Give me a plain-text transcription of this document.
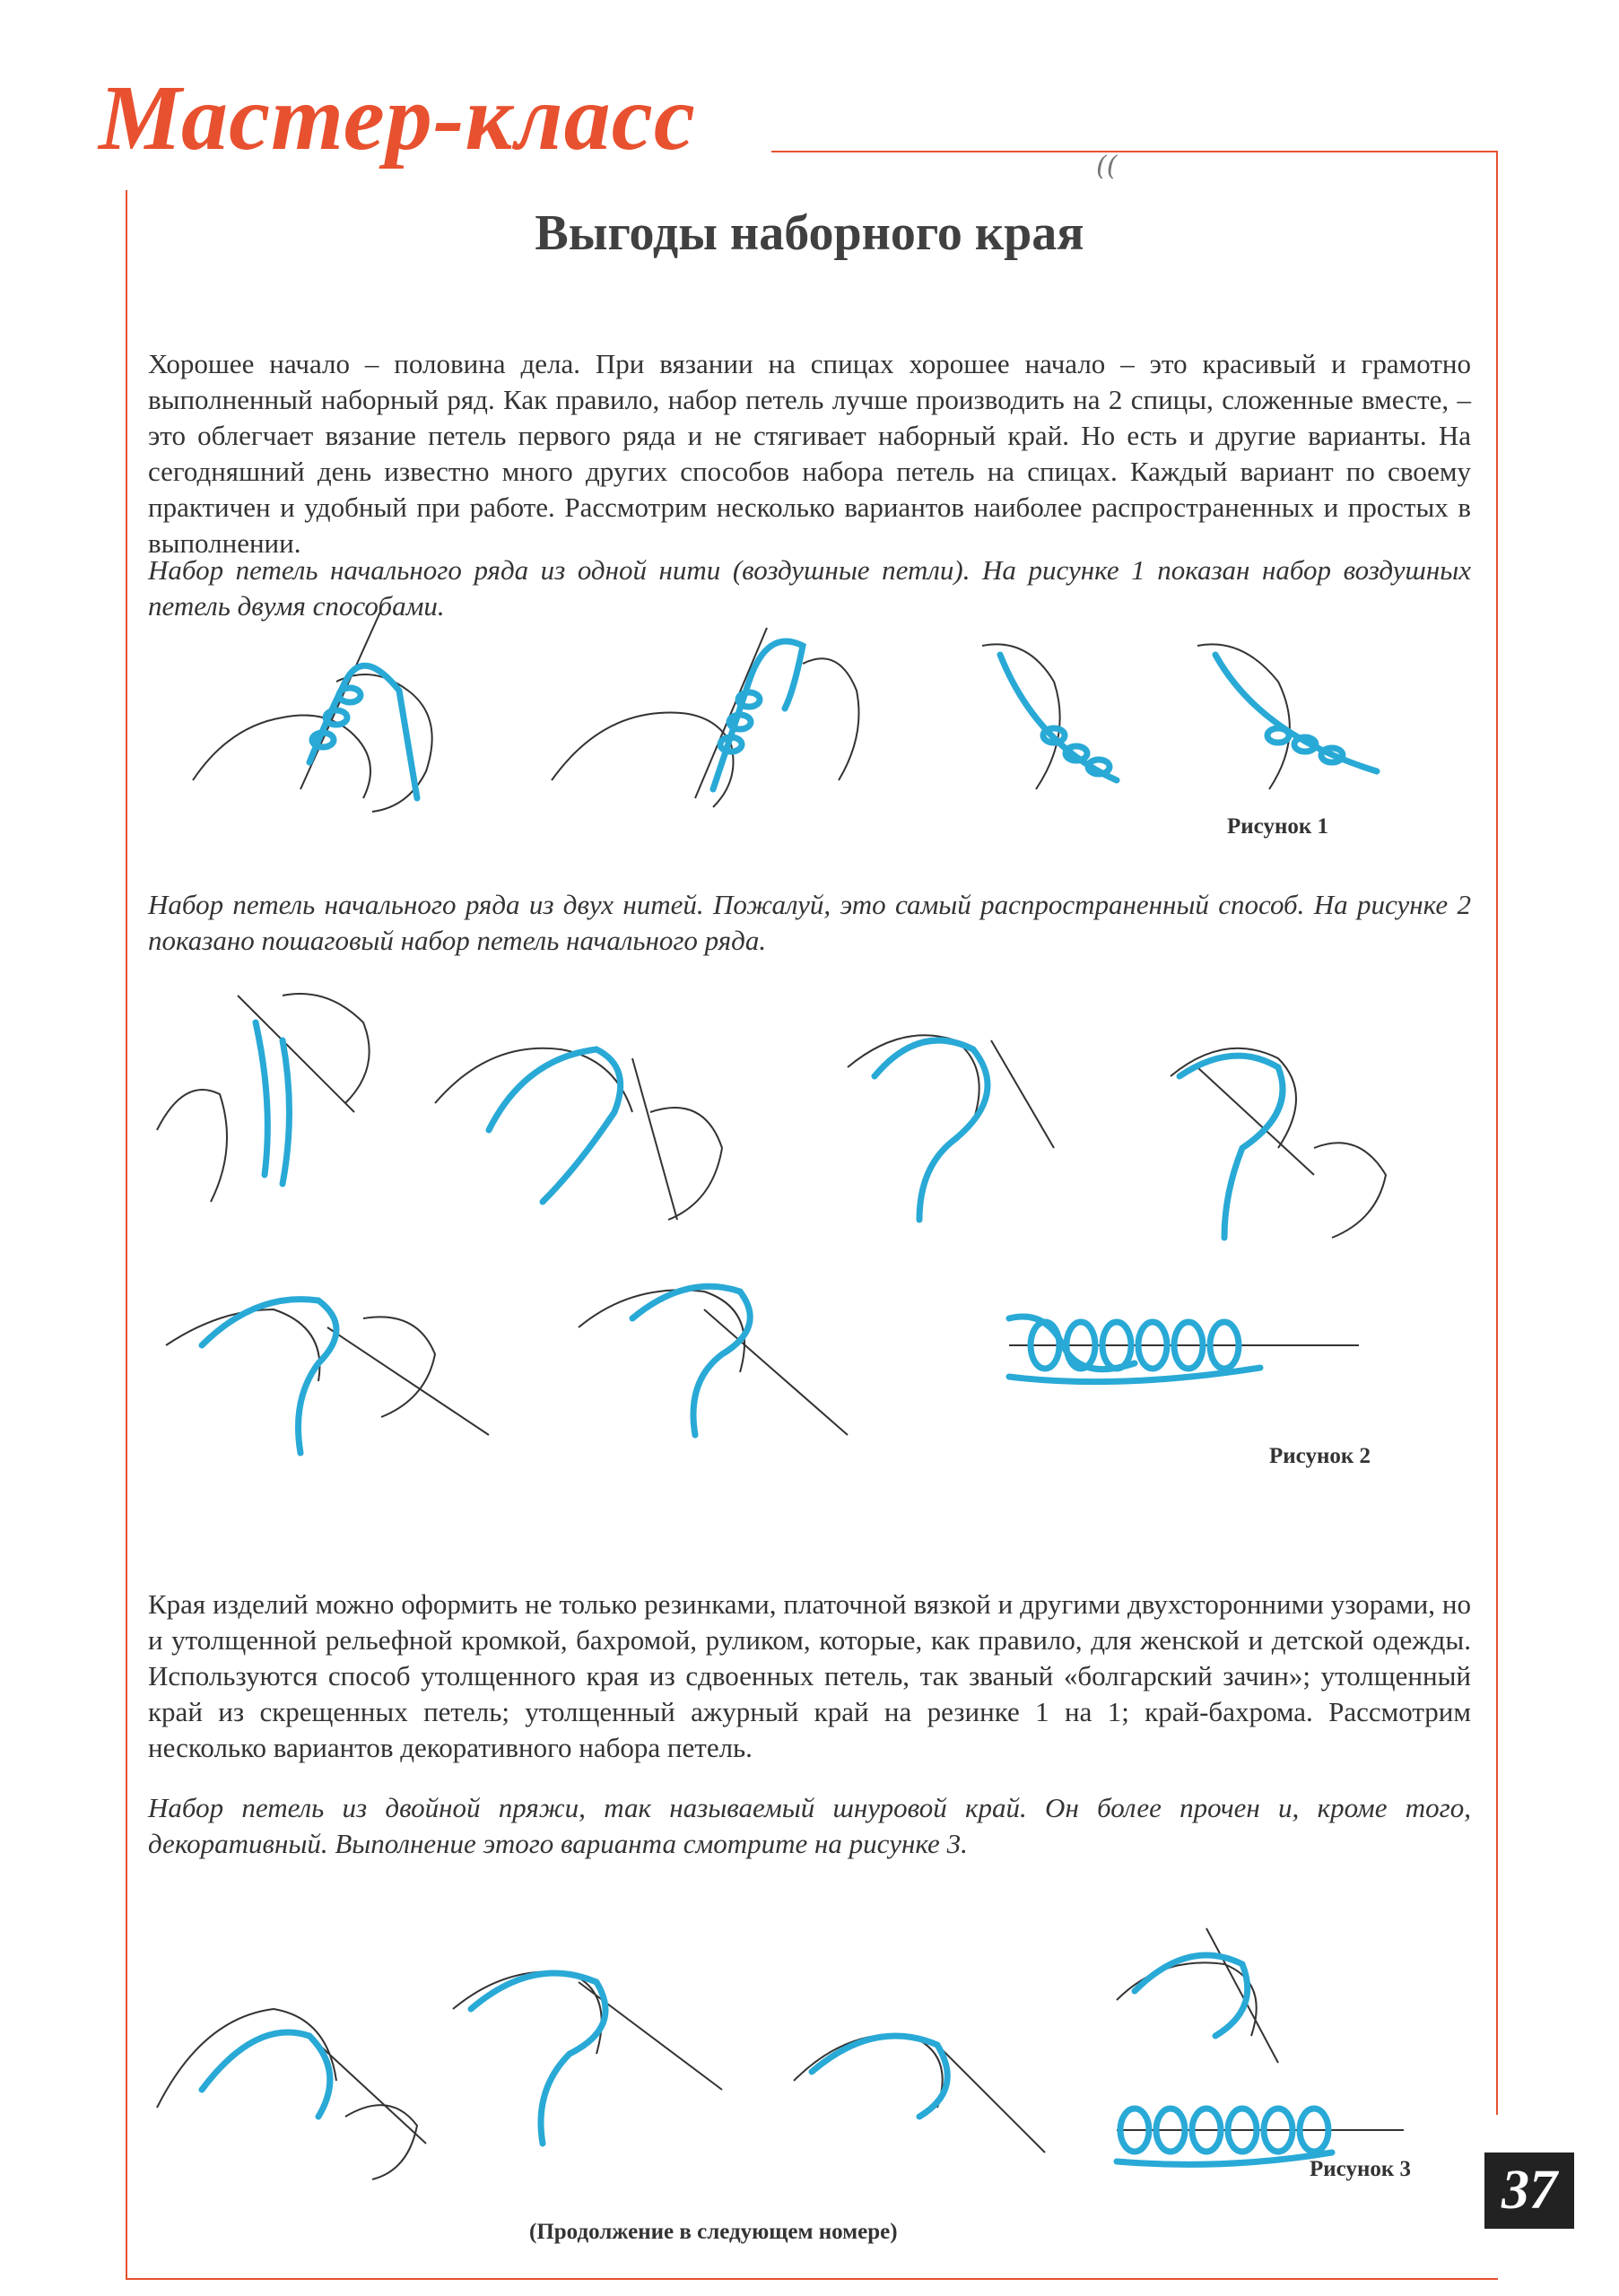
Мастер-класс	((
Выгоды наборного края

Хорошее начало – половина дела. При вязании на спицах хорошее начало – это красивый и грамотно выполненный наборный ряд. Как правило, набор петель лучше производить на 2 спицы, сложенные вместе, – это облегчает вязание петель первого ряда и не стягивает наборный край. Но есть и другие варианты. На сегодняшний день известно много других способов набора петель на спицах. Каждый вариант по своему практичен и удобный при работе. Рассмотрим несколько вариантов наиболее распространенных и простых в выполнении.

Набор петель начального ряда из одной нити (воздушные петли). На рисунке 1 показан набор воздушных петель двумя способами.

Рисунок 1

Набор петель начального ряда из двух нитей. Пожалуй, это самый распространенный способ. На рисунке 2 показано пошаговый набор петель начального ряда.

Рисунок 2

Края изделий можно оформить не только резинками, платочной вязкой и другими двухсторонними узорами, но и утолщенной рельефной кромкой, бахромой, руликом, которые, как правило, для женской и детской одежды. Используются способ утолщенного края из сдвоенных петель, так званый «болгарский зачин»; утолщенный край из скрещенных петель; утолщенный ажурный край на резинке 1 на 1; край-бахрома. Рассмотрим несколько вариантов декоративного набора петель.

Набор петель из двойной пряжи, так называемый шнуровой край. Он более прочен и, кроме того, декоративный. Выполнение этого варианта смотрите на рисунке 3.

Рисунок 3
(Продолжение в следующем номере)
37
